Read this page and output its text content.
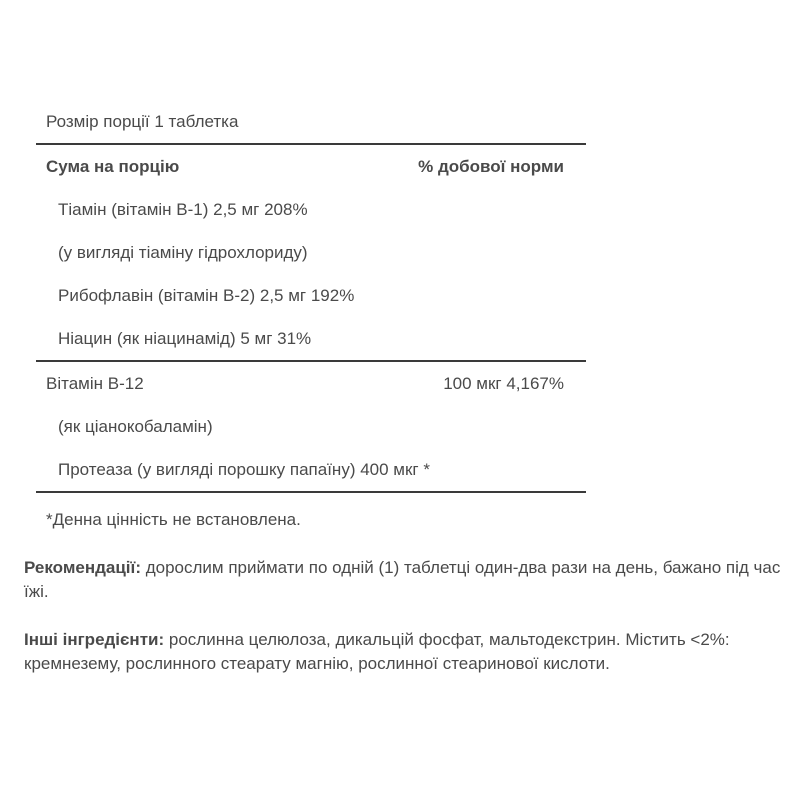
Розмір порції 1 таблетка
Сума на порцію	% добової норми
Тіамін (вітамін В-1) 2,5 мг 208%
(у вигляді тіаміну гідрохлориду)
Рибофлавін (вітамін В-2) 2,5 мг 192%
Ніацин (як ніацинамід) 5 мг 31%
Вітамін B-12	100 мкг 4,167%
(як ціанокобаламін)
Протеаза (у вигляді порошку папаїну) 400 мкг *
*Денна цінність не встановлена.
Рекомендації: дорослим приймати по одній (1) таблетці один-два рази на день, бажано під час їжі.
Інші інгредієнти: рослинна целюлоза, дикальцій фосфат, мальтодекстрин. Містить <2%: кремнезему, рослинного стеарату магнію, рослинної стеаринової кислоти.
